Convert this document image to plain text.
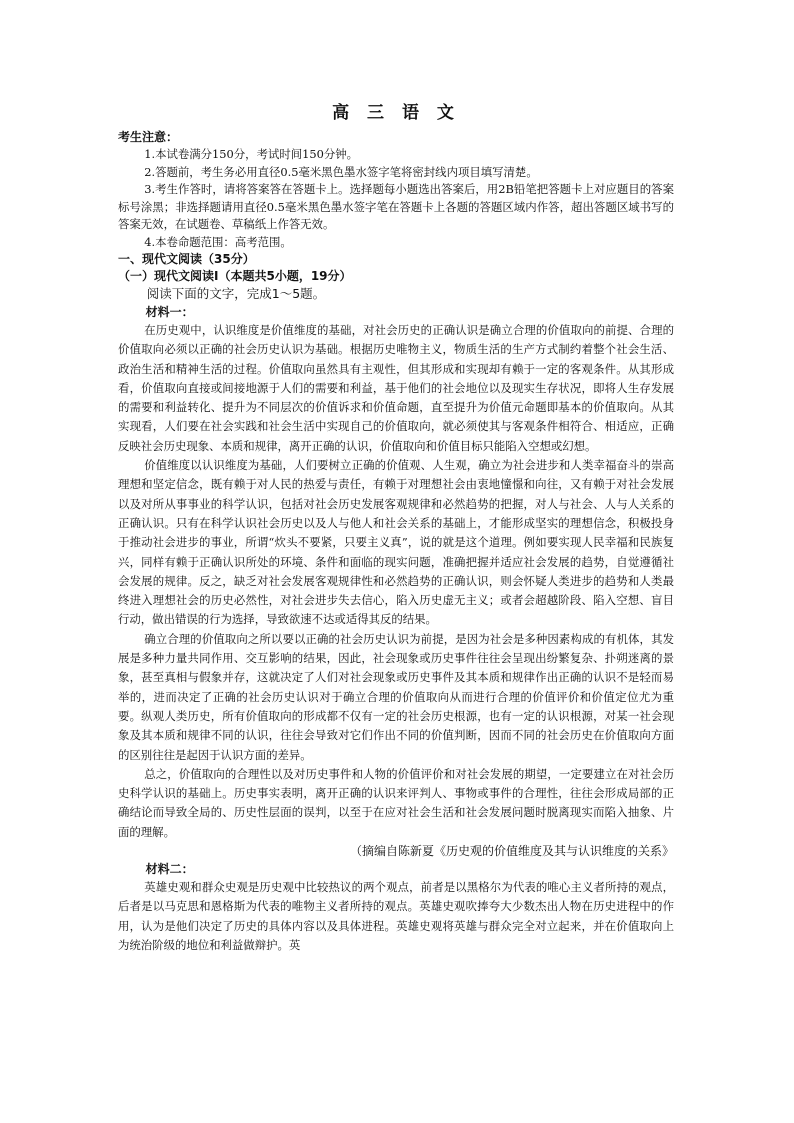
高 三 语 文
考生注意：

1.本试卷满分150分，考试时间150分钟。

2.答题前，考生务必用直径0.5毫米黑色墨水签字笔将密封线内项目填写清楚。

3.考生作答时，请将答案答在答题卡上。选择题每小题选出答案后，用2B铅笔把答题卡上对应题目的答案标号涂黑；非选择题请用直径0.5毫米黑色墨水签字笔在答题卡上各题的答题区域内作答，超出答题区域书写的答案无效，在试题卷、草稿纸上作答无效。

4.本卷命题范围：高考范围。

一、现代文阅读（35分）
（一）现代文阅读Ⅰ（本题共5小题，19分）

阅读下面的文字，完成1～5题。

材料一：

在历史观中，认识维度是价值维度的基础，对社会历史的正确认识是确立合理的价值取向的前提、合理的价值取向必须以正确的社会历史认识为基础。根据历史唯物主义，物质生活的生产方式制约着整个社会生活、政治生活和精神生活的过程。价值取向虽然具有主观性，但其形成和实现却有赖于一定的客观条件。从其形成看，价值取向直接或间接地源于人们的需要和利益，基于他们的社会地位以及现实生存状况，即将人生存发展的需要和利益转化、提升为不同层次的价值诉求和价值命题，直至提升为价值元命题即基本的价值取向。从其实现看，人们要在社会实践和社会生活中实现自己的价值取向，就必须使其与客观条件相符合、相适应，正确反映社会历史现象、本质和规律，离开正确的认识，价值取向和价值目标只能陷入空想或幻想。

价值维度以认识维度为基础，人们要树立正确的价值观、人生观，确立为社会进步和人类幸福奋斗的崇高理想和坚定信念，既有赖于对人民的热爱与责任，有赖于对理想社会由衷地憧憬和向往，又有赖于对社会发展以及对所从事事业的科学认识，包括对社会历史发展客观规律和必然趋势的把握，对人与社会、人与人关系的正确认识。只有在科学认识社会历史以及人与他人和社会关系的基础上，才能形成坚实的理想信念，积极投身于推动社会进步的事业，所谓“炊头不要紧，只要主义真”，说的就是这个道理。例如要实现人民幸福和民族复兴，同样有赖于正确认识所处的环境、条件和面临的现实问题，准确把握并适应社会发展的趋势，自觉遵循社会发展的规律。反之，缺乏对社会发展客观规律性和必然趋势的正确认识，则会怀疑人类进步的趋势和人类最终进入理想社会的历史必然性，对社会进步失去信心，陷入历史虚无主义；或者会超越阶段、陷入空想、盲目行动，做出错误的行为选择，导致欲速不达或适得其反的结果。

确立合理的价值取向之所以要以正确的社会历史认识为前提，是因为社会是多种因素构成的有机体，其发展是多种力量共同作用、交互影响的结果，因此，社会现象或历史事件往往会呈现出纷繁复杂、扑朔迷离的景象，甚至真相与假象并存，这就决定了人们对社会现象或历史事件及其本质和规律作出正确的认识不是轻而易举的，进而决定了正确的社会历史认识对于确立合理的价值取向从而进行合理的价值评价和价值定位尤为重要。纵观人类历史，所有价值取向的形成都不仅有一定的社会历史根源，也有一定的认识根源，对某一社会现象及其本质和规律不同的认识，往往会导致对它们作出不同的价值判断，因而不同的社会历史在价值取向方面的区别往往是起因于认识方面的差异。

总之，价值取向的合理性以及对历史事件和人物的价值评价和对社会发展的期望，一定要建立在对社会历史科学认识的基础上。历史事实表明，离开正确的认识来评判人、事物或事件的合理性，往往会形成局部的正确结论而导致全局的、历史性层面的误判，以至于在应对社会生活和社会发展问题时脱离现实而陷入抽象、片面的理解。

（摘编自陈新夏《历史观的价值维度及其与认识维度的关系》

材料二：

英雄史观和群众史观是历史观中比较热议的两个观点，前者是以黑格尔为代表的唯心主义者所持的观点，后者是以马克思和恩格斯为代表的唯物主义者所持的观点。英雄史观吹捧夸大少数杰出人物在历史进程中的作用，认为是他们决定了历史的具体内容以及具体进程。英雄史观将英雄与群众完全对立起来，并在价值取向上为统治阶级的地位和利益做辩护。英
